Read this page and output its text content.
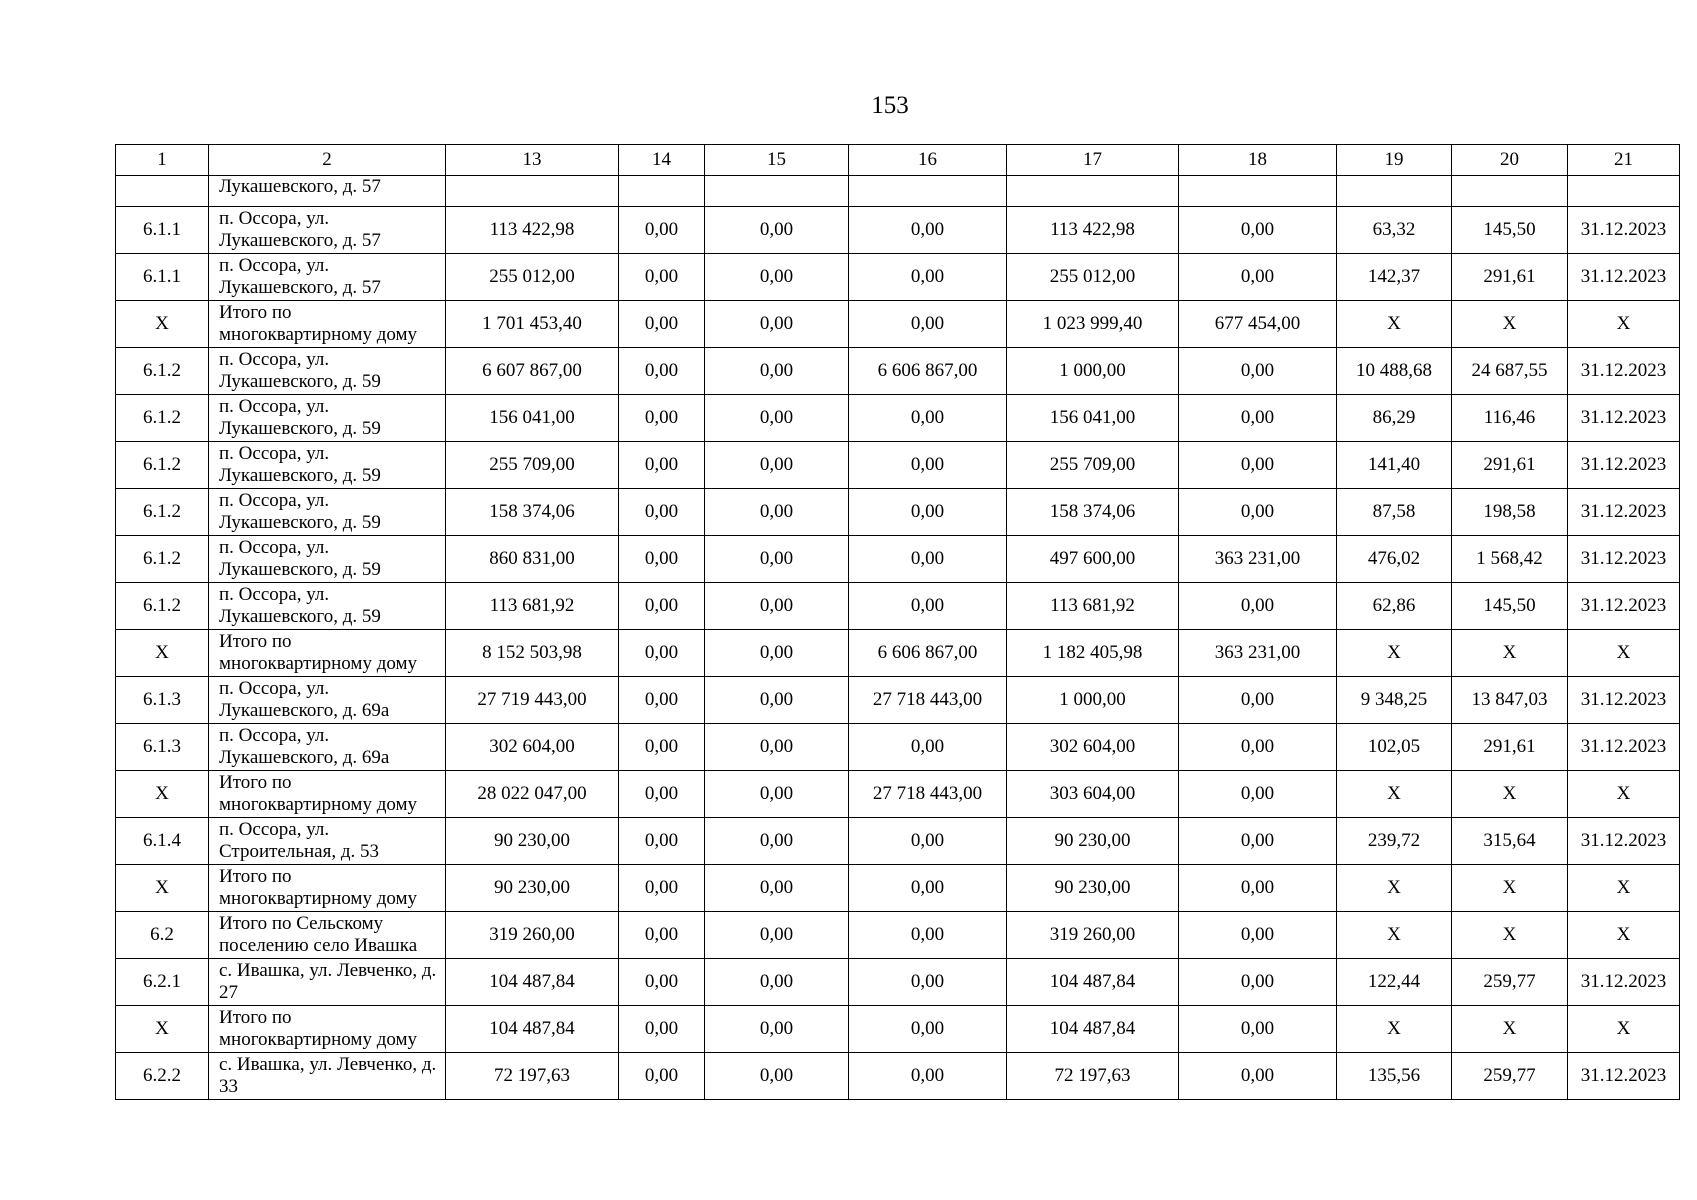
153
1	2	13	14	15	16	17	18	19	20	21
	Лукашевского, д. 57									
6.1.1	п. Оссора, ул. Лукашевского, д. 57	113 422,98	0,00	0,00	0,00	113 422,98	0,00	63,32	145,50	31.12.2023
6.1.1	п. Оссора, ул. Лукашевского, д. 57	255 012,00	0,00	0,00	0,00	255 012,00	0,00	142,37	291,61	31.12.2023
X	Итого по многоквартирному дому	1 701 453,40	0,00	0,00	0,00	1 023 999,40	677 454,00	X	X	X
6.1.2	п. Оссора, ул. Лукашевского, д. 59	6 607 867,00	0,00	0,00	6 606 867,00	1 000,00	0,00	10 488,68	24 687,55	31.12.2023
6.1.2	п. Оссора, ул. Лукашевского, д. 59	156 041,00	0,00	0,00	0,00	156 041,00	0,00	86,29	116,46	31.12.2023
6.1.2	п. Оссора, ул. Лукашевского, д. 59	255 709,00	0,00	0,00	0,00	255 709,00	0,00	141,40	291,61	31.12.2023
6.1.2	п. Оссора, ул. Лукашевского, д. 59	158 374,06	0,00	0,00	0,00	158 374,06	0,00	87,58	198,58	31.12.2023
6.1.2	п. Оссора, ул. Лукашевского, д. 59	860 831,00	0,00	0,00	0,00	497 600,00	363 231,00	476,02	1 568,42	31.12.2023
6.1.2	п. Оссора, ул. Лукашевского, д. 59	113 681,92	0,00	0,00	0,00	113 681,92	0,00	62,86	145,50	31.12.2023
X	Итого по многоквартирному дому	8 152 503,98	0,00	0,00	6 606 867,00	1 182 405,98	363 231,00	X	X	X
6.1.3	п. Оссора, ул. Лукашевского, д. 69а	27 719 443,00	0,00	0,00	27 718 443,00	1 000,00	0,00	9 348,25	13 847,03	31.12.2023
6.1.3	п. Оссора, ул. Лукашевского, д. 69а	302 604,00	0,00	0,00	0,00	302 604,00	0,00	102,05	291,61	31.12.2023
X	Итого по многоквартирному дому	28 022 047,00	0,00	0,00	27 718 443,00	303 604,00	0,00	X	X	X
6.1.4	п. Оссора, ул. Строительная, д. 53	90 230,00	0,00	0,00	0,00	90 230,00	0,00	239,72	315,64	31.12.2023
X	Итого по многоквартирному дому	90 230,00	0,00	0,00	0,00	90 230,00	0,00	X	X	X
6.2	Итого по Сельскому поселению село Ивашка	319 260,00	0,00	0,00	0,00	319 260,00	0,00	X	X	X
6.2.1	с. Ивашка, ул. Левченко, д. 27	104 487,84	0,00	0,00	0,00	104 487,84	0,00	122,44	259,77	31.12.2023
X	Итого по многоквартирному дому	104 487,84	0,00	0,00	0,00	104 487,84	0,00	X	X	X
6.2.2	с. Ивашка, ул. Левченко, д. 33	72 197,63	0,00	0,00	0,00	72 197,63	0,00	135,56	259,77	31.12.2023
